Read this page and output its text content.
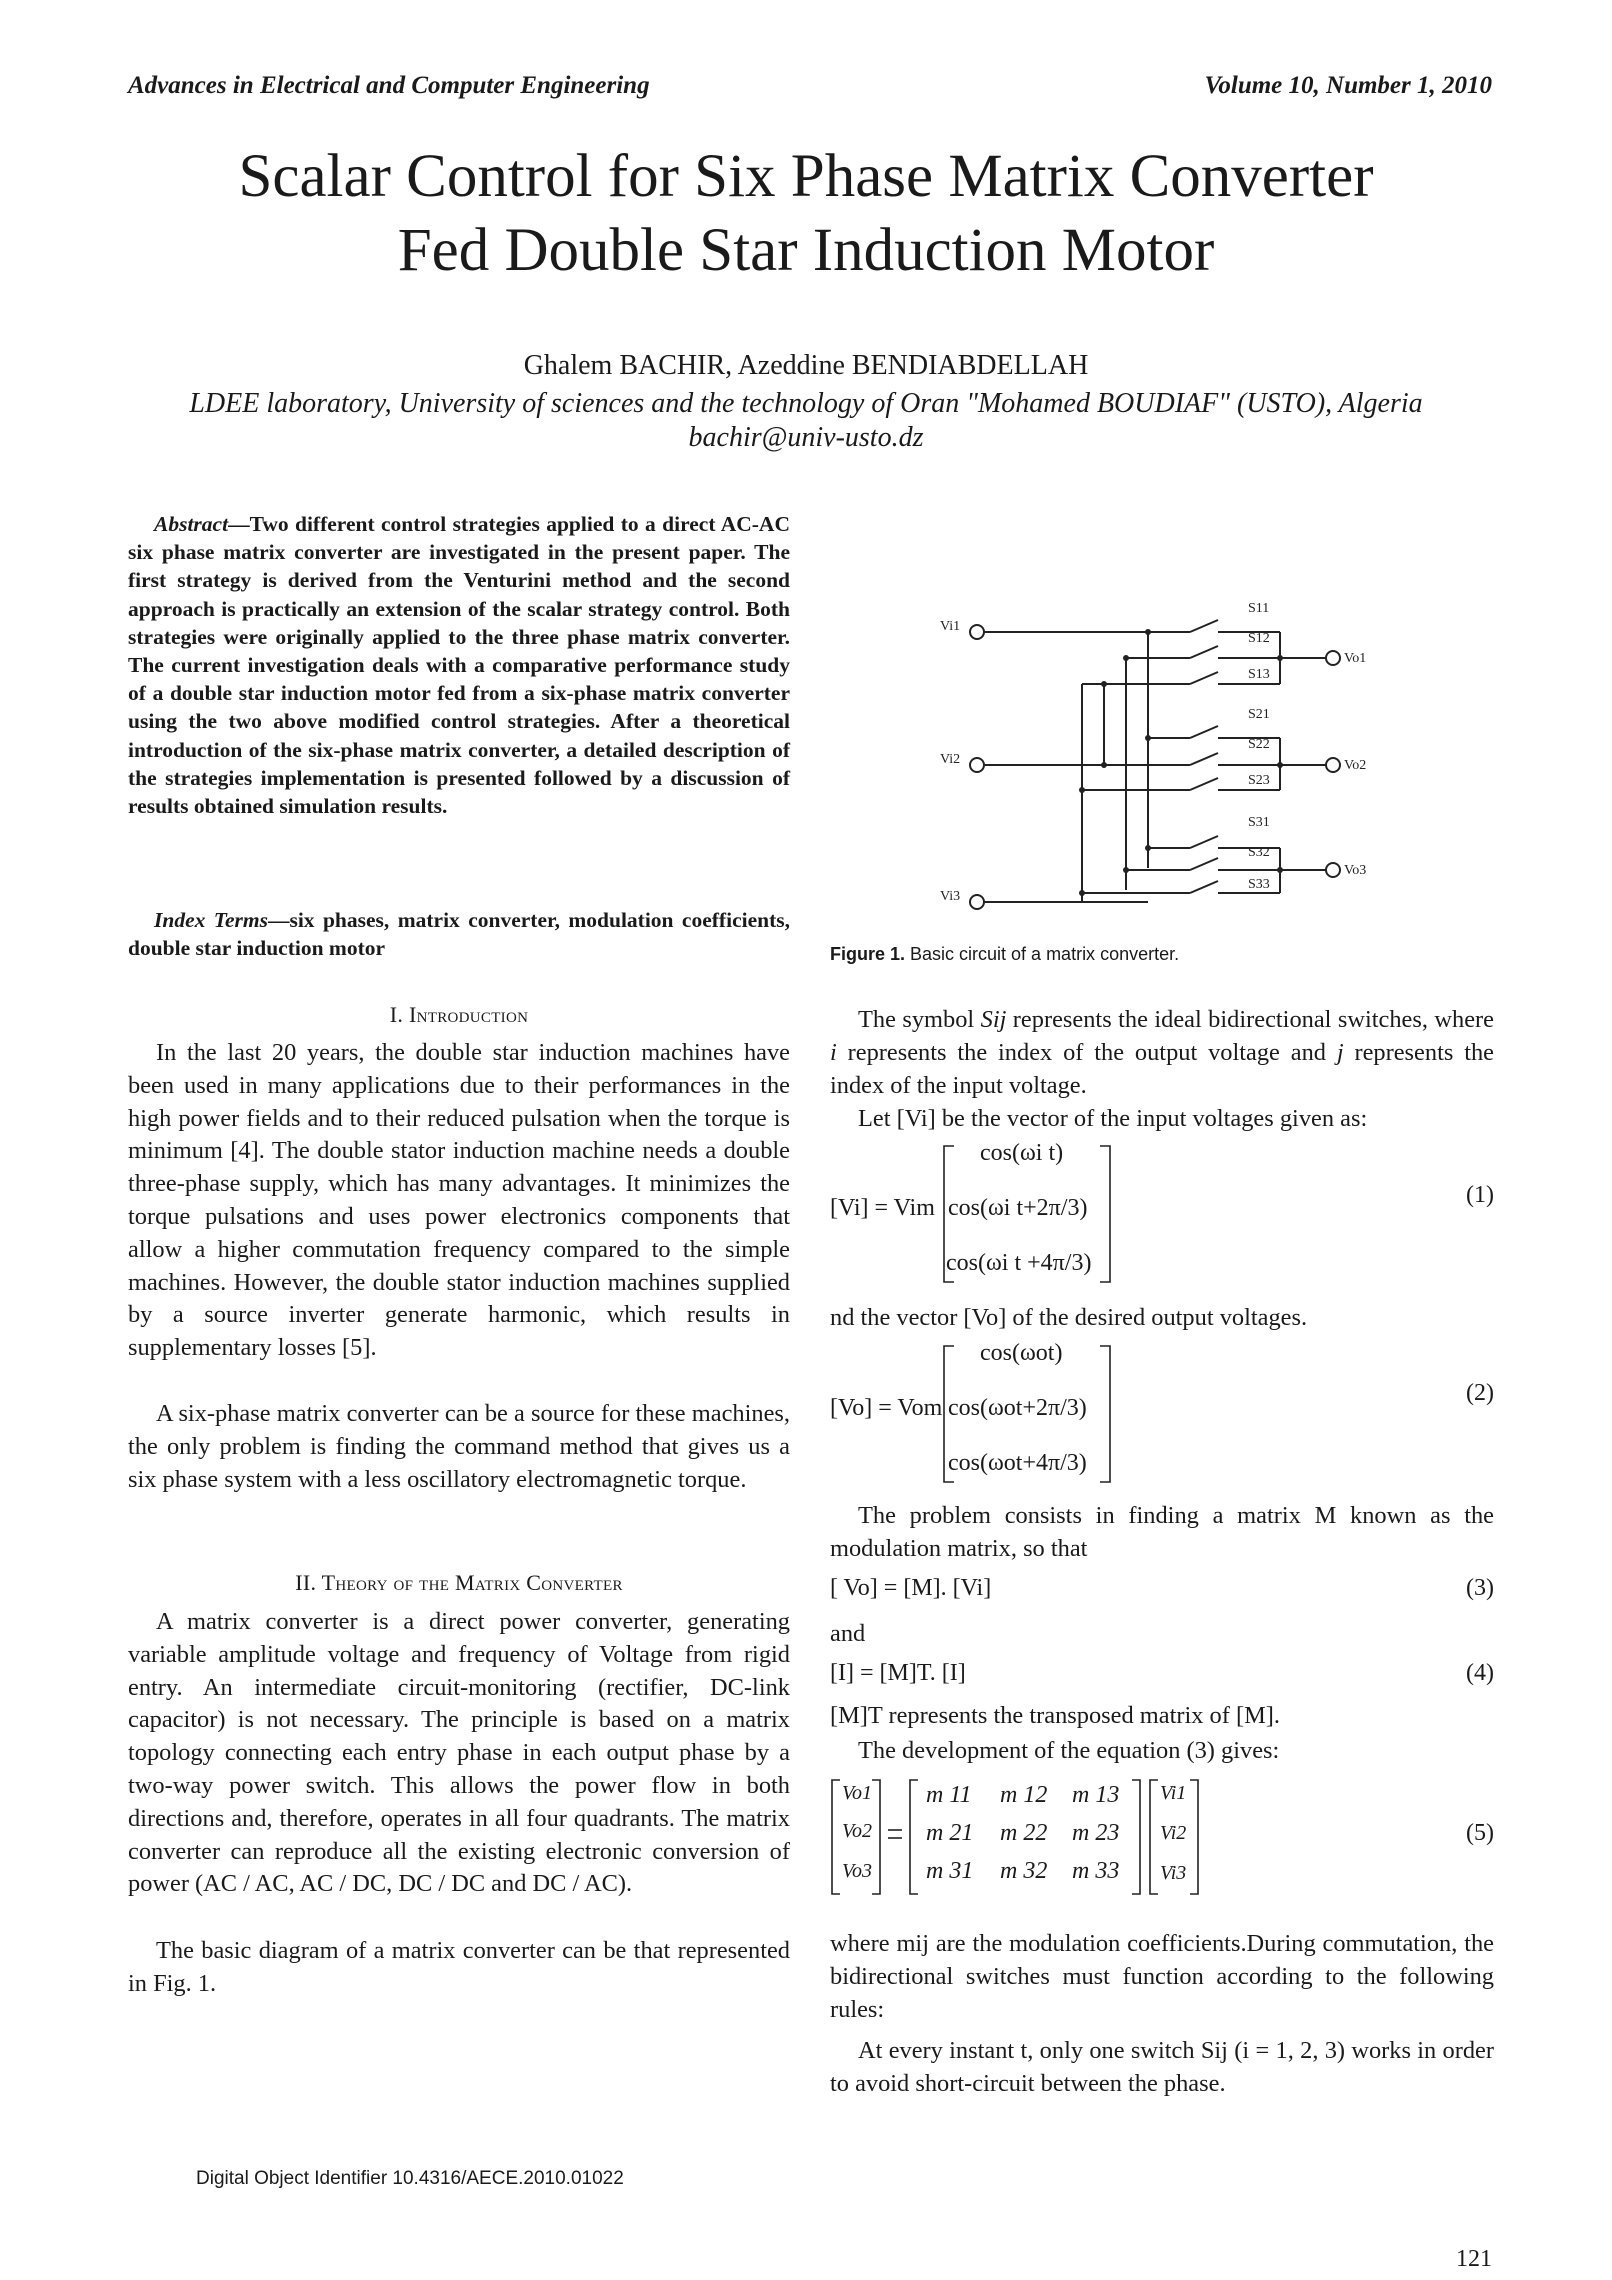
Advances in Electrical and Computer Engineering	Volume 10, Number 1, 2010
Scalar Control for Six Phase Matrix Converter
Fed Double Star Induction Motor
Ghalem BACHIR, Azeddine BENDIABDELLAH
LDEE laboratory, University of sciences and the technology of Oran "Mohamed BOUDIAF" (USTO), Algeria
bachir@univ-usto.dz
Abstract—Two different control strategies applied to a direct AC-AC six phase matrix converter are investigated in the present paper. The first strategy is derived from the Venturini method and the second approach is practically an extension of the scalar strategy control. Both strategies were originally applied to the three phase matrix converter. The current investigation deals with a comparative performance study of a double star induction motor fed from a six-phase matrix converter using the two above modified control strategies. After a theoretical introduction of the six-phase matrix converter, a detailed description of the strategies implementation is presented followed by a discussion of results obtained simulation results.
Index Terms—six phases, matrix converter, modulation coefficients, double star induction motor
I. Introduction
In the last 20 years, the double star induction machines have been used in many applications due to their performances in the high power fields and to their reduced pulsation when the torque is minimum [4]. The double stator induction machine needs a double three-phase supply, which has many advantages. It minimizes the torque pulsations and uses power electronics components that allow a higher commutation frequency compared to the simple machines. However, the double stator induction machines supplied by a source inverter generate harmonic, which results in supplementary losses [5].
A six-phase matrix converter can be a source for these machines, the only problem is finding the command method that gives us a six phase system with a less oscillatory electromagnetic torque.
II. Theory of the Matrix Converter
A matrix converter is a direct power converter, generating variable amplitude voltage and frequency of Voltage from rigid entry. An intermediate circuit-monitoring (rectifier, DC-link capacitor) is not necessary. The principle is based on a matrix topology connecting each entry phase in each output phase by a two-way power switch. This allows the power flow in both directions and, therefore, operates in all four quadrants. The matrix converter can reproduce all the existing electronic conversion of power (AC / AC, AC / DC, DC / DC and DC / AC).
The basic diagram of a matrix converter can be that represented in Fig. 1.
Vi1
Vi2
Vi3
Vo1
Vo2
Vo3
S11
S12
S13
S21
S22
S23
S31
S32
S33
Figure 1. Basic circuit of a matrix converter.
The symbol Sij represents the ideal bidirectional switches, where i represents the index of the output voltage and j represents the index of the input voltage.
Let [Vi] be the vector of the input voltages given as:
[Vi] = Vim
cos(ωi t)
cos(ωi t+2π/3)
cos(ωi t +4π/3)
(1)
nd the vector [Vo] of the desired output voltages.
[Vo] = Vom
cos(ωot)
cos(ωot+2π/3)
cos(ωot+4π/3)
(2)
The problem consists in finding a matrix M known as the modulation matrix, so that
[ Vo] = [M]. [Vi]	(3)
and
[I] = [M]T. [I]	(4)
[M]T represents the transposed matrix of [M].
The development of the equation (3) gives:
Vo1
Vo2
Vo3
m 11 m 12 m 13
m 21 m 22 m 23
m 31 m 32 m 33
Vi1
Vi2
Vi3
(5)
where mij are the modulation coefficients.During commutation, the bidirectional switches must function according to the following rules:
At every instant t, only one switch Sij (i = 1, 2, 3) works in order to avoid short-circuit between the phase.
Digital Object Identifier 10.4316/AECE.2010.01022
121
